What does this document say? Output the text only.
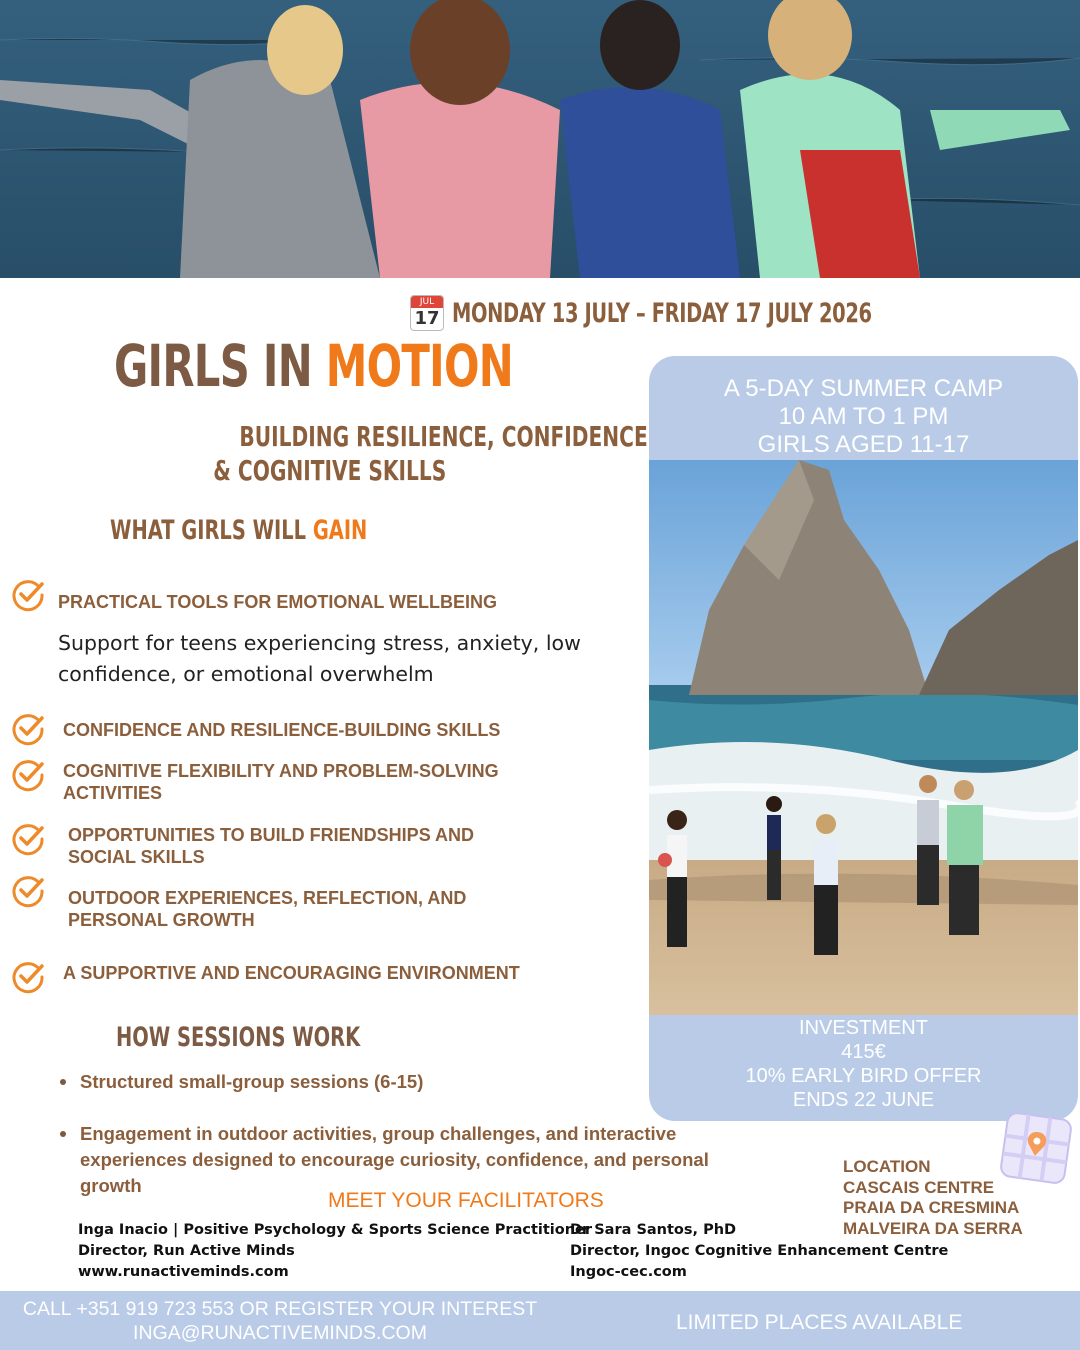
JUL
17 MONDAY 13 JULY – FRIDAY 17 JULY 2026
GIRLS IN MOTION
BUILDING RESILIENCE, CONFIDENCE
& COGNITIVE SKILLS
WHAT GIRLS WILL GAIN
PRACTICAL TOOLS FOR EMOTIONAL WELLBEING
Support for teens experiencing stress, anxiety, low
confidence, or emotional overwhelm
CONFIDENCE AND RESILIENCE-BUILDING SKILLS
COGNITIVE FLEXIBILITY AND PROBLEM-SOLVING
ACTIVITIES
OPPORTUNITIES TO BUILD FRIENDSHIPS AND
SOCIAL SKILLS
OUTDOOR EXPERIENCES, REFLECTION, AND
PERSONAL GROWTH
A SUPPORTIVE AND ENCOURAGING ENVIRONMENT
HOW SESSIONS WORK
Structured small-group sessions (6-15)
Engagement in outdoor activities, group challenges, and interactive
experiences designed to encourage curiosity, confidence, and personal
growth
A 5-DAY SUMMER CAMP
10 AM TO 1 PM
GIRLS AGED 11-17
INVESTMENT
415€
10% EARLY BIRD OFFER
ENDS 22 JUNE
LOCATION
CASCAIS CENTRE
PRAIA DA CRESMINA
MALVEIRA DA SERRA
MEET YOUR FACILITATORS
Inga Inacio | Positive Psychology & Sports Science Practitioner
Director, Run Active Minds
www.runactiveminds.com
Dr Sara Santos, PhD
Director, Ingoc Cognitive Enhancement Centre
Ingoc-cec.com
CALL +351 919 723 553 OR REGISTER YOUR INTEREST
INGA@RUNACTIVEMINDS.COM	LIMITED PLACES AVAILABLE
